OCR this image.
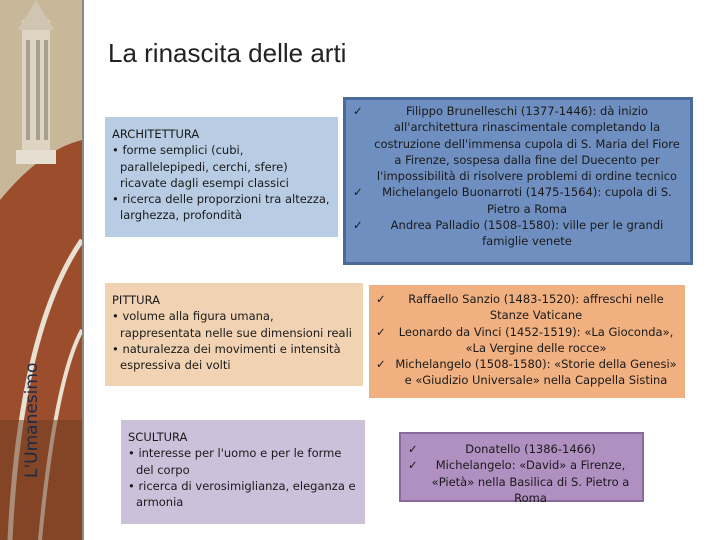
L'Umanesimo
La rinascita delle arti
ARCHITETTURA
• forme semplici (cubi, parallelepipedi, cerchi, sfere) ricavate dagli esempi classici
• ricerca delle proporzioni tra altezza, larghezza, profondità
✓	Filippo Brunelleschi (1377-1446): dà inizio all'architettura rinascimentale completando la costruzione dell'immensa cupola di S. Maria del Fiore a Firenze, sospesa dalla fine del Duecento per l'impossibilità di risolvere problemi di ordine tecnico
✓ Michelangelo Buonarroti (1475-1564): cupola di S. Pietro a Roma
✓ Andrea Palladio (1508-1580): ville per le grandi famiglie venete
PITTURA
• volume alla figura umana, rappresentata nelle sue dimensioni reali
• naturalezza dei movimenti e intensità espressiva dei volti
✓ Raffaello Sanzio (1483-1520): affreschi nelle Stanze Vaticane
✓ Leonardo da Vinci (1452-1519): «La Gioconda», «La Vergine delle rocce»
✓ Michelangelo (1508-1580): «Storie della Genesi» e «Giudizio Universale» nella Cappella Sistina
SCULTURA
• interesse per l'uomo e per le forme del corpo
• ricerca di verosimiglianza, eleganza e armonia
✓	Donatello (1386-1466)
✓ Michelangelo: «David» a Firenze, «Pietà» nella Basilica di S. Pietro a Roma
